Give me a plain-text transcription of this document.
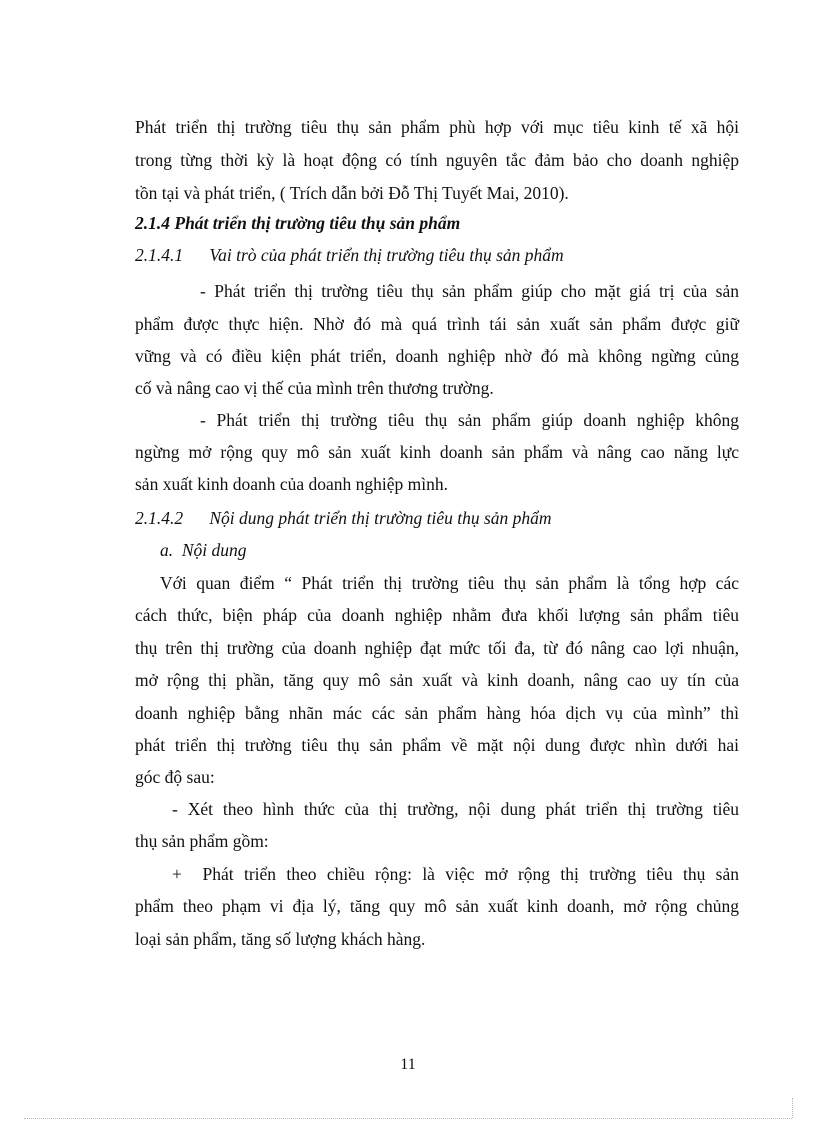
Phát triển thị trường tiêu thụ sản phẩm phù hợp với mục tiêu kinh tế xã hội
trong từng thời kỳ là hoạt động có tính nguyên tắc đảm bảo cho doanh nghiệp
tồn tại và phát triển, ( Trích dẫn bởi Đỗ Thị Tuyết Mai, 2010).
2.1.4 Phát triển thị trường tiêu thụ sản phẩm
2.1.4.1      Vai trò của phát triển thị trường tiêu thụ sản phẩm
- Phát triển thị trường tiêu thụ sản phẩm giúp cho mặt giá trị của sản
phẩm được thực hiện. Nhờ đó mà quá trình tái sản xuất sản phẩm được giữ
vững và có điều kiện phát triển, doanh nghiệp nhờ đó mà không ngừng củng
cố và nâng cao vị thế của mình trên thương trường.
- Phát triển thị trường tiêu thụ sản phẩm giúp doanh nghiệp không
ngừng mở rộng quy mô sản xuất kinh doanh sản phẩm và nâng cao năng lực
sản xuất kinh doanh của doanh nghiệp mình.
2.1.4.2      Nội dung phát triển thị trường tiêu thụ sản phẩm
a.  Nội dung
Với quan điểm “ Phát triển thị trường tiêu thụ sản phẩm là tổng hợp các
cách thức, biện pháp của doanh nghiệp nhằm đưa khối lượng sản phẩm tiêu
thụ trên thị trường của doanh nghiệp đạt mức tối đa, từ đó nâng cao lợi nhuận,
mở rộng thị phần, tăng quy mô sản xuất và kinh doanh, nâng cao uy tín của
doanh nghiệp bằng nhãn mác các sản phẩm hàng hóa dịch vụ của mình” thì
phát triển thị trường tiêu thụ sản phẩm về mặt nội dung được nhìn dưới hai
góc độ sau:
- Xét theo hình thức của thị trường, nội dung phát triển thị trường tiêu
thụ sản phẩm gồm:
+  Phát triển theo chiều rộng: là việc mở rộng thị trường tiêu thụ sản
phẩm theo phạm vi địa lý, tăng quy mô sản xuất kinh doanh, mở rộng chủng
loại sản phẩm, tăng số lượng khách hàng.
11
